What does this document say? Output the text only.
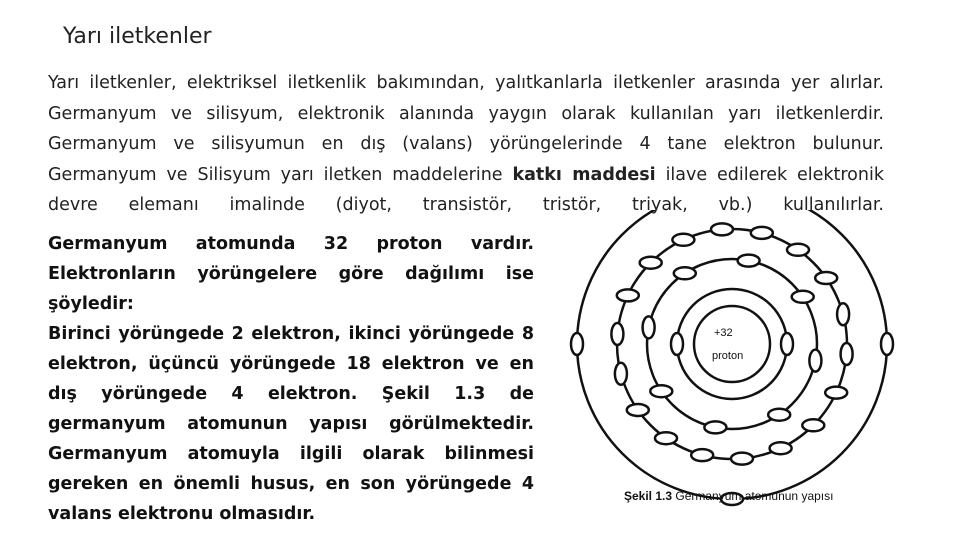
Yarı iletkenler

Yarı iletkenler, elektriksel iletkenlik bakımından, yalıtkanlarla iletkenler arasında yer alırlar. Germanyum ve silisyum, elektronik alanında yaygın olarak kullanılan yarı iletkenlerdir. Germanyum ve silisyumun en dış (valans) yörüngelerinde 4 tane elektron bulunur. Germanyum ve Silisyum yarı iletken maddelerine katkı maddesi ilave edilerek elektronik devre elemanı imalinde (diyot, transistör, tristör, triyak, vb.) kullanılırlar.

Germanyum atomunda 32 proton vardır. Elektronların yörüngelere göre dağılımı ise şöyledir:
Birinci yörüngede 2 elektron, ikinci yörüngede 8 elektron, üçüncü yörüngede 18 elektron ve en dış yörüngede 4 elektron. Şekil 1.3 de germanyum atomunun yapısı görülmektedir. Germanyum atomuyla ilgili olarak bilinmesi gereken en önemli husus, en son yörüngede 4 valans elektronu olmasıdır.
+32
proton
Şekil 1.3 Germanyum atomunun yapısı
